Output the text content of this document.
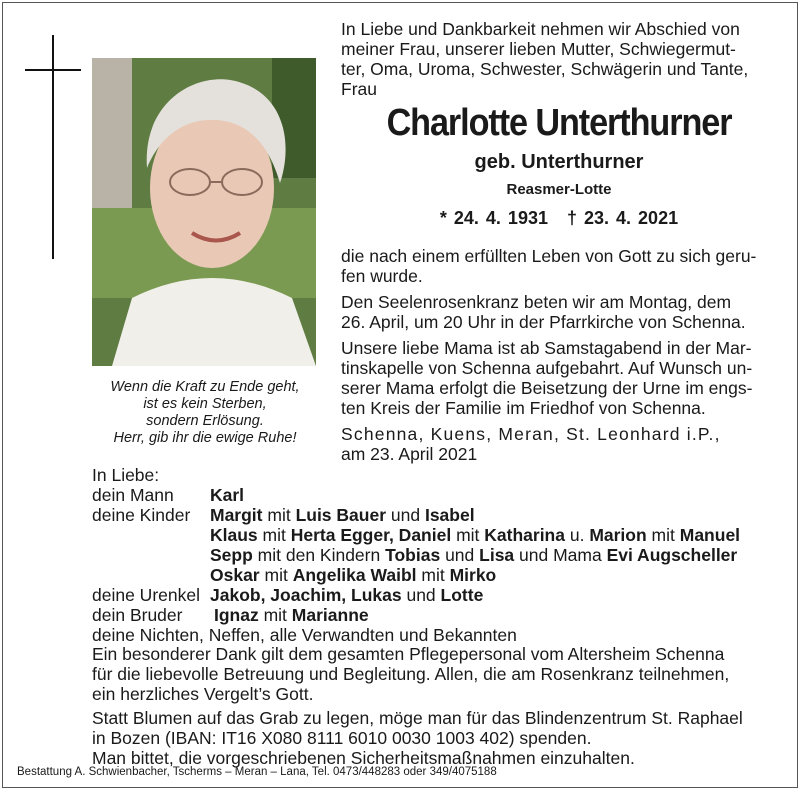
Wenn die Kraft zu Ende geht,
ist es kein Sterben,
sondern Erlösung.
Herr, gib ihr die ewige Ruhe!
In Liebe und Dankbarkeit nehmen wir Abschied von
meiner Frau, unserer lieben Mutter, Schwiegermut-
ter, Oma, Uroma, Schwester, Schwägerin und Tante,
Frau
Charlotte Unterthurner
geb. Unterthurner
Reasmer-Lotte
* 24. 4. 1931 † 23. 4. 2021
die nach einem erfüllten Leben von Gott zu sich geru-
fen wurde.
Den Seelenrosenkranz beten wir am Montag, dem
26. April, um 20 Uhr in der Pfarrkirche von Schenna.
Unsere liebe Mama ist ab Samstagabend in der Mar-
tinskapelle von Schenna aufgebahrt. Auf Wunsch un-
serer Mama erfolgt die Beisetzung der Urne im engs-
ten Kreis der Familie im Friedhof von Schenna.
Schenna, Kuens, Meran, St. Leonhard i.P.,
am 23. April 2021
In Liebe:
dein Mann Karl
deine Kinder Margit mit Luis Bauer und Isabel
Klaus mit Herta Egger, Daniel mit Katharina u. Marion mit Manuel
Sepp mit den Kindern Tobias und Lisa und Mama Evi Augscheller
Oskar mit Angelika Waibl mit Mirko
deine Urenkel Jakob, Joachim, Lukas und Lotte
dein Bruder Ignaz mit Marianne
deine Nichten, Neffen, alle Verwandten und Bekannten
Ein besonderer Dank gilt dem gesamten Pflegepersonal vom Altersheim Schenna
für die liebevolle Betreuung und Begleitung. Allen, die am Rosenkranz teilnehmen,
ein herzliches Vergelt’s Gott.
Statt Blumen auf das Grab zu legen, möge man für das Blindenzentrum St. Raphael
in Bozen (IBAN: IT16 X080 8111 6010 0030 1003 402) spenden.
Man bittet, die vorgeschriebenen Sicherheitsmaßnahmen einzuhalten.
Bestattung A. Schwienbacher, Tscherms – Meran – Lana, Tel. 0473/448283 oder 349/4075188
